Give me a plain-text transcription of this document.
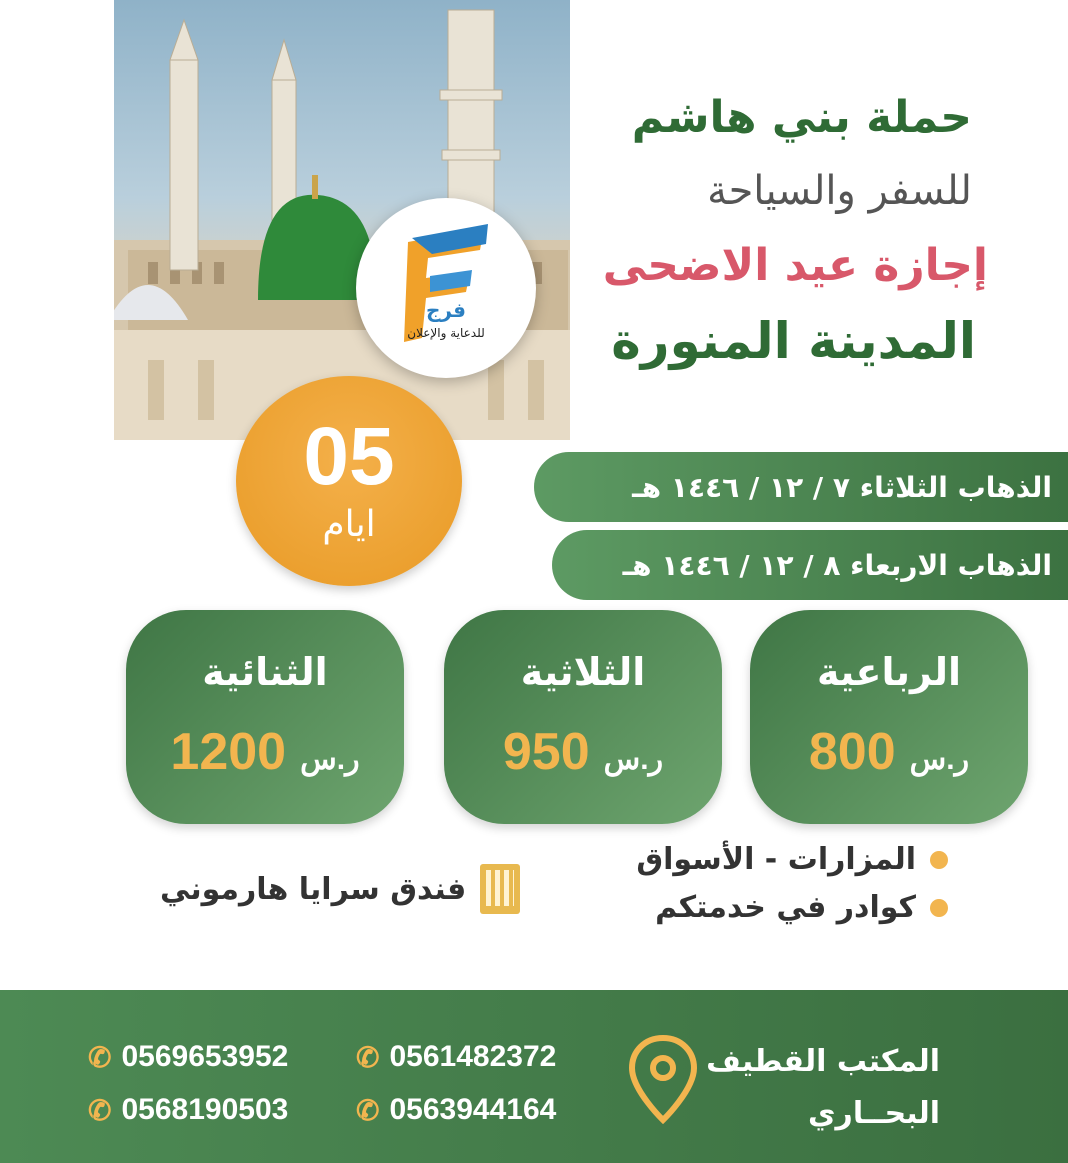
حملة بني هاشم
للسفر والسياحة
إجازة عيد الاضحى
المدينة المنورة
فرج
للدعاية والإعلان
05
ايام
الذهاب الثلاثاء ٧ / ١٢ / ١٤٤٦ هـ
الذهاب الاربعاء ٨ / ١٢ / ١٤٤٦ هـ
الثنائية
1200 ر.س
الثلاثية
950 ر.س
الرباعية
800 ر.س
المزارات - الأسواق
كوادر في خدمتكم
فندق سرايا هارموني
✆ 0561482372
✆ 0569653952
✆ 0563944164
✆ 0568190503
المكتب القطيف
البحــاري
